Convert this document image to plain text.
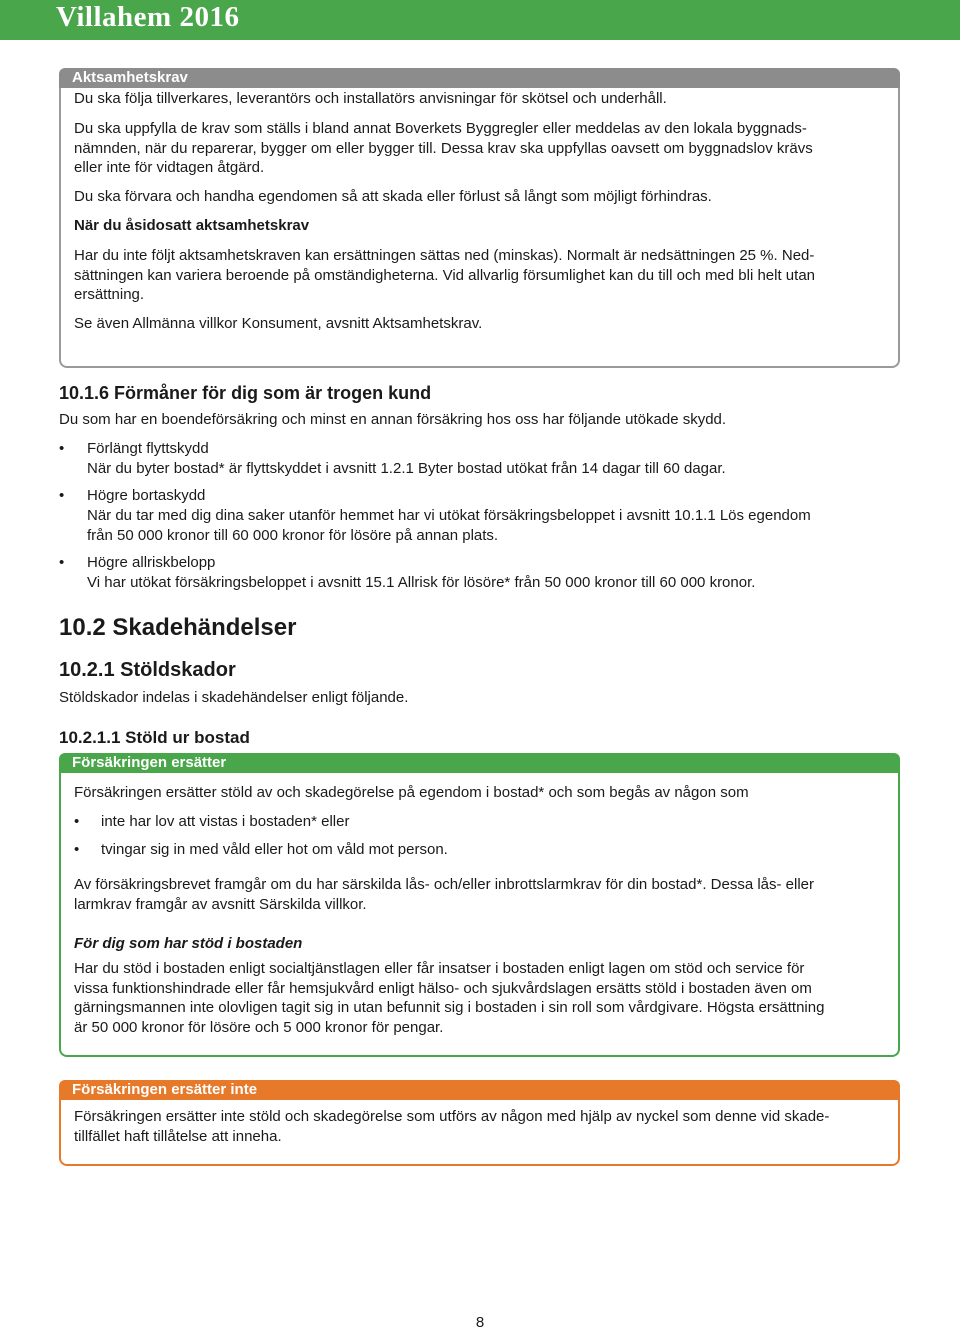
Villahem 2016
Aktsamhetskrav

Du ska följa tillverkares, leverantörs och installatörs anvisningar för skötsel och underhåll.

Du ska uppfylla de krav som ställs i bland annat Boverkets Byggregler eller meddelas av den lokala byggnads-

nämnden, när du reparerar, bygger om eller bygger till. Dessa krav ska uppfyllas oavsett om byggnadslov krävs

eller inte för vidtagen åtgärd.

Du ska förvara och handha egendomen så att skada eller förlust så långt som möjligt förhindras.

När du åsidosatt aktsamhetskrav

Har du inte följt aktsamhetskraven kan ersättningen sättas ned (minskas). Normalt är nedsättningen 25 %. Ned-

sättningen kan variera beroende på omständigheterna. Vid allvarlig försumlighet kan du till och med bli helt utan

ersättning.

Se även Allmänna villkor Konsument, avsnitt Aktsamhetskrav.

10.1.6 Förmåner för dig som är trogen kund

Du som har en boendeförsäkring och minst en annan försäkring hos oss har följande utökade skydd.

• Förlängt flyttskydd

När du byter bostad* är flyttskyddet i avsnitt 1.2.1 Byter bostad utökat från 14 dagar till 60 dagar.

• Högre bortaskydd

När du tar med dig dina saker utanför hemmet har vi utökat försäkringsbeloppet i avsnitt 10.1.1 Lös egendom

från 50 000 kronor till 60 000 kronor för lösöre på annan plats.

• Högre allriskbelopp

Vi har utökat försäkringsbeloppet i avsnitt 15.1 Allrisk för lösöre* från 50 000 kronor till 60 000 kronor.

10.2 Skadehändelser
10.2.1 Stöldskador

Stöldskador indelas i skadehändelser enligt följande.

10.2.1.1 Stöld ur bostad
Försäkringen ersätter

Försäkringen ersätter stöld av och skadegörelse på egendom i bostad* och som begås av någon som

• inte har lov att vistas i bostaden* eller

• tvingar sig in med våld eller hot om våld mot person.

Av försäkringsbrevet framgår om du har särskilda lås- och/eller inbrottslarmkrav för din bostad*. Dessa lås- eller

larmkrav framgår av avsnitt Särskilda villkor.

För dig som har stöd i bostaden

Har du stöd i bostaden enligt socialtjänstlagen eller får insatser i bostaden enligt lagen om stöd och service för

vissa funktionshindrade eller får hemsjukvård enligt hälso- och sjukvårdslagen ersätts stöld i bostaden även om

gärningsmannen inte olovligen tagit sig in utan befunnit sig i bostaden i sin roll som vårdgivare. Högsta ersättning

är 50 000 kronor för lösöre och 5 000 kronor för pengar.

Försäkringen ersätter inte

Försäkringen ersätter inte stöld och skadegörelse som utförs av någon med hjälp av nyckel som denne vid skade-

tillfället haft tillåtelse att inneha.

8
